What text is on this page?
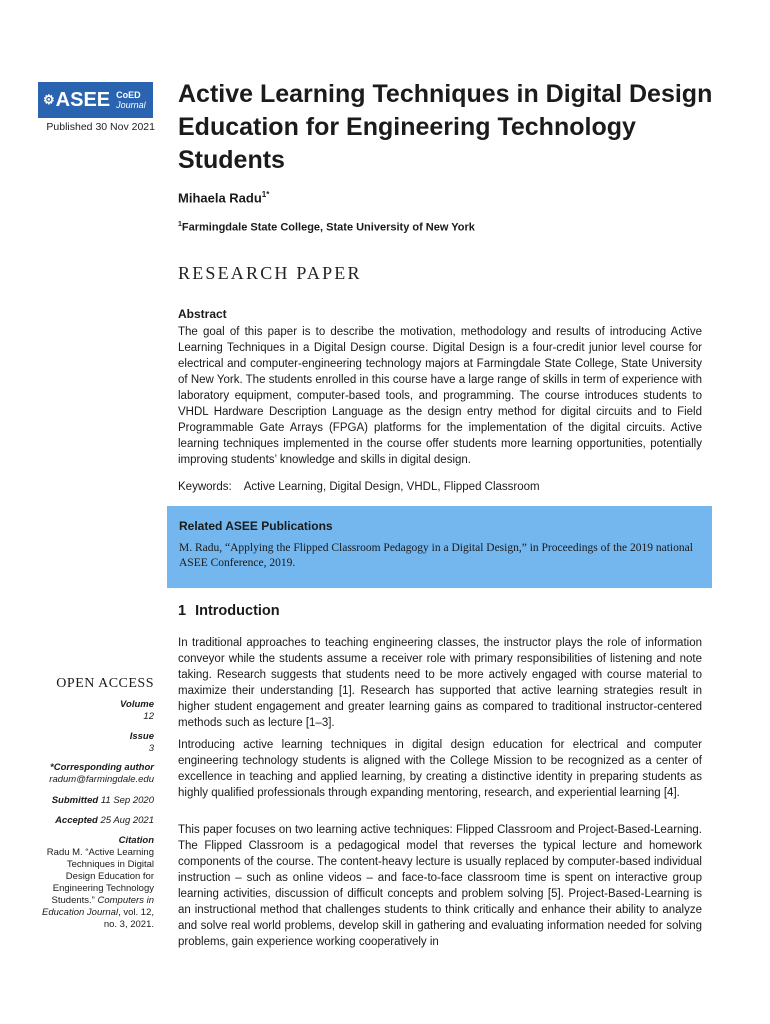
⚙ ASEE CoED
Journal
Published 30 Nov 2021
Active Learning Techniques in Digital Design Education for Engineering Technology Students
Mihaela Radu$^{1*}$
$^1$Farmingdale State College, State University of New York
RESEARCH PAPER
Abstract

The goal of this paper is to describe the motivation, methodology and results of introducing Active Learning Techniques in a Digital Design course. Digital Design is a four-credit junior level course for electrical and computer-engineering technology majors at Farmingdale State College, State University of New York. The students enrolled in this course have a large range of skills in term of experience with laboratory equipment, computer-based tools, and programming. The course introduces students to VHDL Hardware Description Language as the design entry method for digital circuits and to Field Programmable Gate Arrays (FPGA) platforms for the implementation of the digital circuits. Active learning techniques implemented in the course offer students more learning opportunities, potentially improving students’ knowledge and skills in digital design.

Keywords: Active Learning, Digital Design, VHDL, Flipped Classroom
Related ASEE Publications
M. Radu, “Applying the Flipped Classroom Pedagogy in a Digital Design,” in Proceedings of the 2019 national ASEE Conference, 2019.
1 Introduction

In traditional approaches to teaching engineering classes, the instructor plays the role of information conveyor while the students assume a receiver role with primary responsibilities of listening and note taking. Research suggests that students need to be more actively engaged with course material to maximize their understanding [1]. Research has supported that active learning strategies result in higher student engagement and greater learning gains as compared to traditional instructor-centered methods such as lecture [1–3].

Introducing active learning techniques in digital design education for electrical and computer engineering technology students is aligned with the College Mission to be recognized as a center of excellence in teaching and applied learning, by creating a distinctive identity in preparing students as highly qualified professionals through expanding mentoring, research, and experiential learning [4].

This paper focuses on two learning active techniques: Flipped Classroom and Project-Based-Learning. The Flipped Classroom is a pedagogical model that reverses the typical lecture and homework components of the course. The content-heavy lecture is usually replaced by computer-based individual instruction – such as online videos – and face-to-face classroom time is spent on interactive group learning activities, discussion of difficult concepts and problem solving [5]. Project-Based-Learning is an instructional method that challenges students to think critically and enhance their ability to analyze and solve real world problems, develop skill in gathering and evaluating information needed for solving problems, gain experience working cooperatively in

OPEN ACCESS
Volume
12
Issue
3
*Corresponding author
radum@farmingdale.edu
Submitted 11 Sep 2020
Accepted 25 Aug 2021
Citation
Radu M. “Active Learning Techniques in Digital Design Education for Engineering Technology Students.” Computers in Education Journal, vol. 12, no. 3, 2021.
